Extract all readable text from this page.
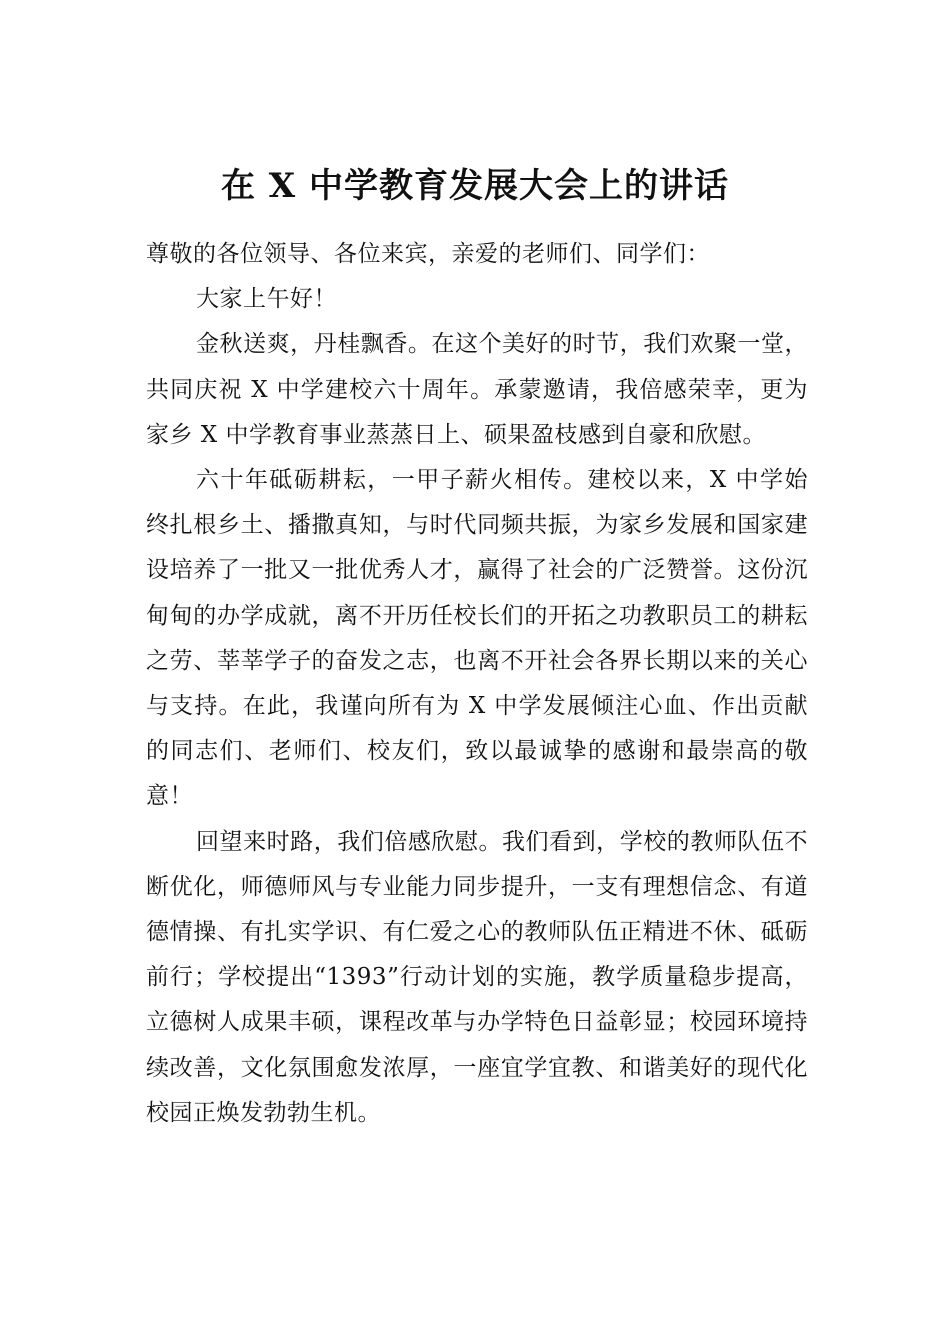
在 X 中学教育发展大会上的讲话

尊敬的各位领导、各位来宾，亲爱的老师们、同学们：

大家上午好！

金秋送爽，丹桂飘香。在这个美好的时节，我们欢聚一堂，共同庆祝 X 中学建校六十周年。承蒙邀请，我倍感荣幸，更为家乡 X 中学教育事业蒸蒸日上、硕果盈枝感到自豪和欣慰。

六十年砥砺耕耘，一甲子薪火相传。建校以来，X 中学始终扎根乡土、播撒真知，与时代同频共振，为家乡发展和国家建设培养了一批又一批优秀人才，赢得了社会的广泛赞誉。这份沉甸甸的办学成就，离不开历任校长们的开拓之功教职员工的耕耘之劳、莘莘学子的奋发之志，也离不开社会各界长期以来的关心与支持。在此，我谨向所有为 X 中学发展倾注心血、作出贡献的同志们、老师们、校友们，致以最诚挚的感谢和最崇高的敬意！

回望来时路，我们倍感欣慰。我们看到，学校的教师队伍不断优化，师德师风与专业能力同步提升，一支有理想信念、有道德情操、有扎实学识、有仁爱之心的教师队伍正精进不休、砥砺前行；学校提出“1393”行动计划的实施，教学质量稳步提高，立德树人成果丰硕，课程改革与办学特色日益彰显；校园环境持续改善，文化氛围愈发浓厚，一座宜学宜教、和谐美好的现代化校园正焕发勃勃生机。
